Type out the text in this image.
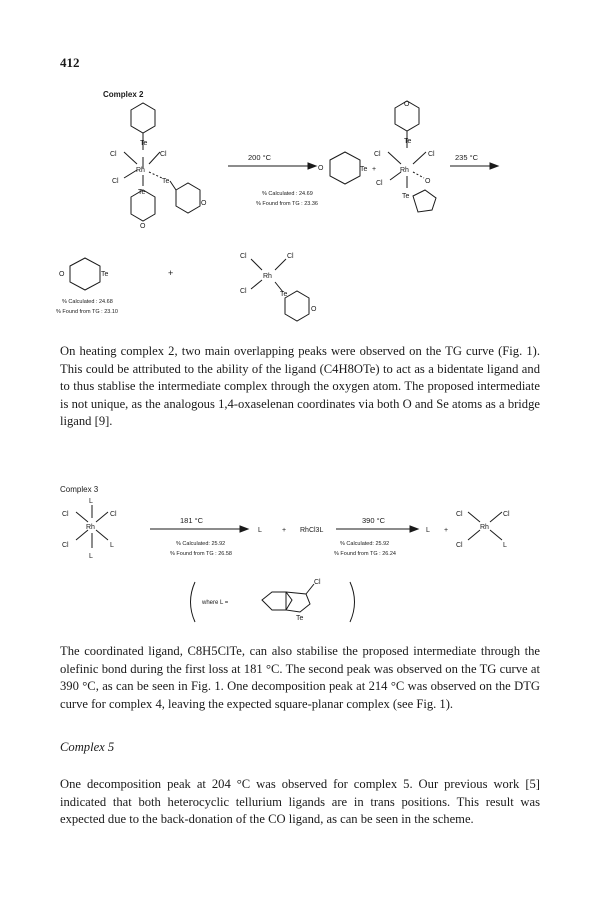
412
Complex 2
Te
Cl	Cl
Rh
Cl	Te
Te
O
O
200 °C
O	Te +
% Calculated : 24.69
% Found from TG : 23.36
O
Te
Cl	Cl
Rh
Cl	O
Te
235 °C
O	Te	+
Cl	Cl
Rh
Cl	Te
O
% Calculated : 24.68
% Found from TG : 23.10
On heating complex 2, two main overlapping peaks were observed on the TG curve (Fig. 1). This could be attributed to the ability of the ligand (C4H8OTe) to act as a bidentate ligand and to thus stablise the intermediate complex through the oxygen atom. The proposed intermediate is not unique, as the analogous 1,4-oxaselenan coordinates via both O and Se atoms as a bridge ligand [9].
Complex 3
L
Cl	Cl
Rh
Cl	L
L
181 °C
L	+ RhCl3L
390 °C
L +
% Calculated: 25.92
% Found from TG : 26.58
% Calculated: 25.92
% Found from TG : 26.24
Cl	Cl
Rh
Cl	L
where L =
Cl
Te
The coordinated ligand, C8H5ClTe, can also stabilise the proposed intermediate through the olefinic bond during the first loss at 181 °C. The second peak was observed on the TG curve at 390 °C, as can be seen in Fig. 1. One decomposition peak at 214 °C was observed on the DTG curve for complex 4, leaving the expected square-planar complex (see Fig. 1).
Complex 5
One decomposition peak at 204 °C was observed for complex 5. Our previous work [5] indicated that both heterocyclic tellurium ligands are in trans positions. This result was expected due to the back-donation of the CO ligand, as can be seen in the scheme.
